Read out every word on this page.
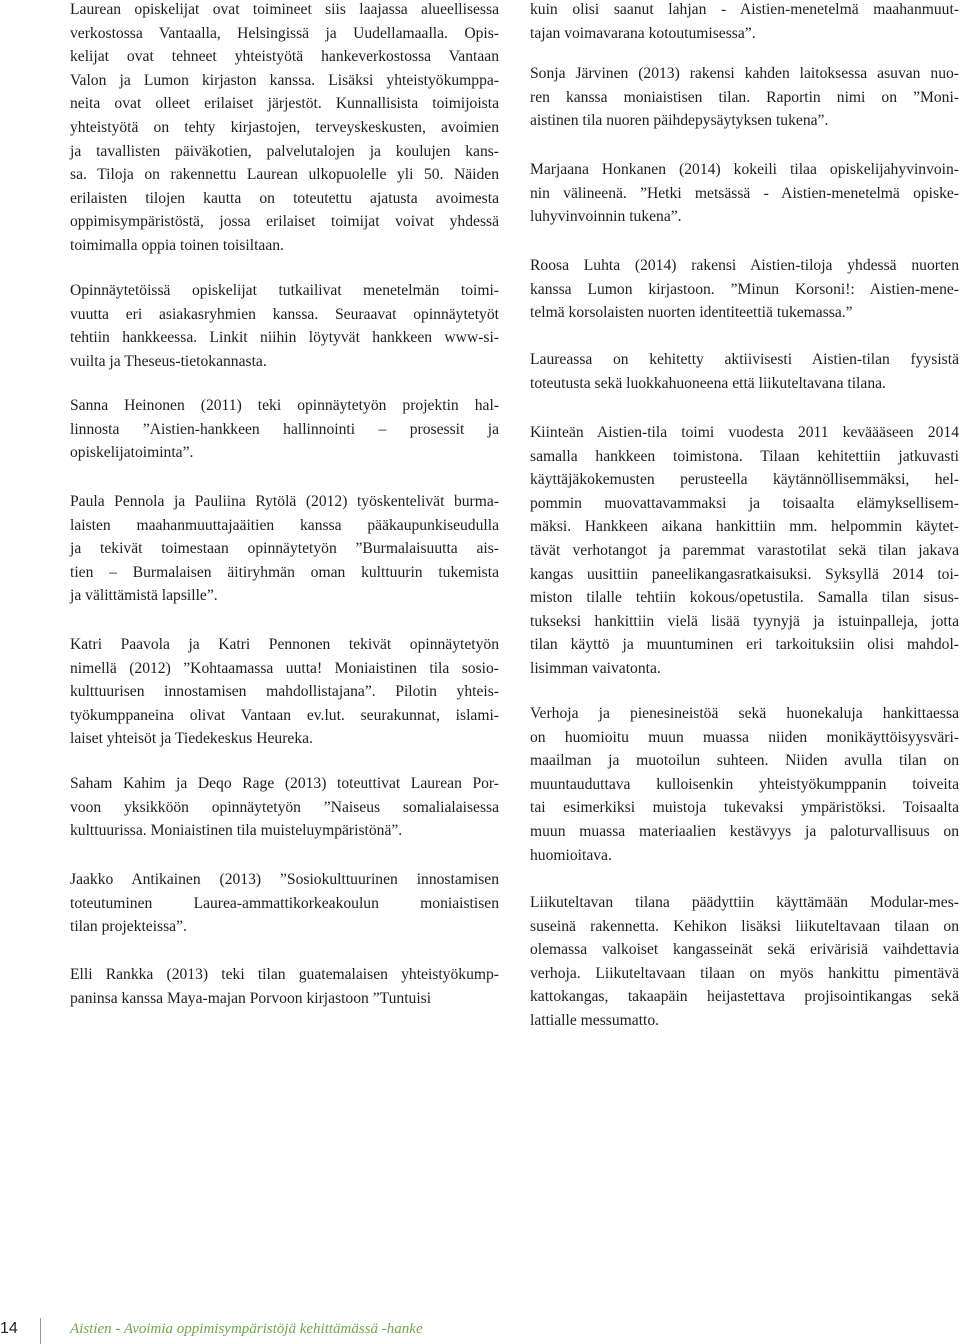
Laurean opiskelijat ovat toimineet siis laajassa alueellisessa
verkostossa Vantaalla, Helsingissä ja Uudellamaalla. Opis-
kelijat ovat tehneet yhteistyötä hankeverkostossa Vantaan
Valon ja Lumon kirjaston kanssa. Lisäksi yhteistyökumppa-
neita ovat olleet erilaiset järjestöt. Kunnallisista toimijoista
yhteistyötä on tehty kirjastojen, terveyskeskusten, avoimien
ja tavallisten päiväkotien, palvelutalojen ja koulujen kans-
sa. Tiloja on rakennettu Laurean ulkopuolelle yli 50. Näiden
erilaisten tilojen kautta on toteutettu ajatusta avoimesta
oppimisympäristöstä, jossa erilaiset toimijat voivat yhdessä
toimimalla oppia toinen toisiltaan.
Opinnäytetöissä opiskelijat tutkailivat menetelmän toimi-
vuutta eri asiakasryhmien kanssa. Seuraavat opinnäytetyöt
tehtiin hankkeessa. Linkit niihin löytyvät hankkeen www-si-
vuilta ja Theseus-tietokannasta.
Sanna Heinonen (2011) teki opinnäytetyön projektin hal-
linnosta ”Aistien-hankkeen hallinnointi – prosessit ja
opiskelijatoiminta”.
Paula Pennola ja Pauliina Rytölä (2012) työskentelivät burma-
laisten maahanmuuttajaäitien kanssa pääkaupunkiseudulla
ja tekivät toimestaan opinnäytetyön ”Burmalaisuutta ais-
tien – Burmalaisen äitiryhmän oman kulttuurin tukemista
ja välittämistä lapsille”.
Katri Paavola ja Katri Pennonen tekivät opinnäytetyön
nimellä (2012) ”Kohtaamassa uutta! Moniaistinen tila sosio-
kulttuurisen innostamisen mahdollistajana”. Pilotin yhteis-
työkumppaneina olivat Vantaan ev.lut. seurakunnat, islami-
laiset yhteisöt ja Tiedekeskus Heureka.
Saham Kahim ja Deqo Rage (2013) toteuttivat Laurean Por-
voon yksikköön opinnäytetyön ”Naiseus somalialaisessa
kulttuurissa. Moniaistinen tila muisteluympäristönä”.
Jaakko Antikainen (2013) ”Sosiokulttuurinen innostamisen
toteutuminen Laurea-ammattikorkeakoulun moniaistisen
tilan projekteissa”.
Elli Rankka (2013) teki tilan guatemalaisen yhteistyökump-
paninsa kanssa Maya-majan Porvoon kirjastoon ”Tuntuisi
kuin olisi saanut lahjan - Aistien-menetelmä maahanmuut-
tajan voimavarana kotoutumisessa”.
Sonja Järvinen (2013) rakensi kahden laitoksessa asuvan nuo-
ren kanssa moniaistisen tilan. Raportin nimi on ”Moni-
aistinen tila nuoren päihdepysäytyksen tukena”.
Marjaana Honkanen (2014) kokeili tilaa opiskelijahyvinvoin-
nin välineenä. ”Hetki metsässä - Aistien-menetelmä opiske-
luhyvinvoinnin tukena”.
Roosa Luhta (2014) rakensi Aistien-tiloja yhdessä nuorten
kanssa Lumon kirjastoon. ”Minun Korsoni!: Aistien-mene-
telmä korsolaisten nuorten identiteettiä tukemassa.”
Laureassa on kehitetty aktiivisesti Aistien-tilan fyysistä
toteutusta sekä luokkahuoneena että liikuteltavana tilana.
Kiinteän Aistien-tila toimi vuodesta 2011 keväääseen 2014
samalla hankkeen toimistona. Tilaan kehitettiin jatkuvasti
käyttäjäkokemusten perusteella käytännöllisemmäksi, hel-
pommin muovattavammaksi ja toisaalta elämyksellisem-
mäksi. Hankkeen aikana hankittiin mm. helpommin käytet-
tävät verhotangot ja paremmat varastotilat sekä tilan jakava
kangas uusittiin paneelikangasratkaisuksi. Syksyllä 2014 toi-
miston tilalle tehtiin kokous/opetustila. Samalla tilan sisus-
tukseksi hankittiin vielä lisää tyynyjä ja istuinpalleja, jotta
tilan käyttö ja muuntuminen eri tarkoituksiin olisi mahdol-
lisimman vaivatonta.
Verhoja ja pienesineistöä sekä huonekaluja hankittaessa
on huomioitu muun muassa niiden monikäyttöisyysväri-
maailman ja muotoilun suhteen. Niiden avulla tilan on
muuntauduttava kulloisenkin yhteistyökumppanin toiveita
tai esimerkiksi muistoja tukevaksi ympäristöksi. Toisaalta
muun muassa materiaalien kestävyys ja paloturvallisuus on
huomioitava.
Liikuteltavan tilana päädyttiin käyttämään Modular-mes-
suseinä rakennetta. Kehikon lisäksi liikuteltavaan tilaan on
olemassa valkoiset kangasseinät sekä erivärisiä vaihdettavia
verhoja. Liikuteltavaan tilaan on myös hankittu pimentävä
kattokangas, takaapäin heijastettava projisointikangas sekä
lattialle messumatto.
14	Aistien - Avoimia oppimisympäristöjä kehittämässä -hanke
